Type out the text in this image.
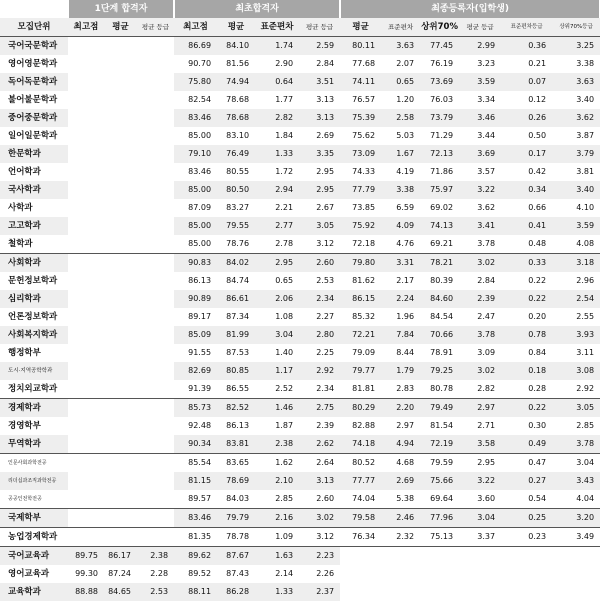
	1단계 합격자			최초합격자				최종등록자(입학생)					
모집단위	최고점	평균	평균 등급	최고점	평균	표준편차	평균 등급	평균	표준편차	상위70%	평균 등급	표준편차등급	상위70%등급
국어국문학과				86.69	84.10	1.74	2.59	80.11	3.63	77.45	2.99	0.36	3.25
영어영문학과				90.70	81.56	2.90	2.84	77.68	2.07	76.19	3.23	0.21	3.38
독어독문학과				75.80	74.94	0.64	3.51	74.11	0.65	73.69	3.59	0.07	3.63
불어불문학과				82.54	78.68	1.77	3.13	76.57	1.20	76.03	3.34	0.12	3.40
중어중문학과				83.46	78.68	2.82	3.13	75.39	2.58	73.79	3.46	0.26	3.62
일어일문학과				85.00	83.10	1.84	2.69	75.62	5.03	71.29	3.44	0.50	3.87
한문학과				79.10	76.49	1.33	3.35	73.09	1.67	72.13	3.69	0.17	3.79
언어학과				83.46	80.55	1.72	2.95	74.33	4.19	71.86	3.57	0.42	3.81
국사학과				85.00	80.50	2.94	2.95	77.79	3.38	75.97	3.22	0.34	3.40
사학과				87.09	83.27	2.21	2.67	73.85	6.59	69.02	3.62	0.66	4.10
고고학과				85.00	79.55	2.77	3.05	75.92	4.09	74.13	3.41	0.41	3.59
철학과				85.00	78.76	2.78	3.12	72.18	4.76	69.21	3.78	0.48	4.08
사회학과				90.83	84.02	2.95	2.60	79.80	3.31	78.21	3.02	0.33	3.18
문헌정보학과				86.13	84.74	0.65	2.53	81.62	2.17	80.39	2.84	0.22	2.96
심리학과				90.89	86.61	2.06	2.34	86.15	2.24	84.60	2.39	0.22	2.54
언론정보학과				89.17	87.34	1.08	2.27	85.32	1.96	84.54	2.47	0.20	2.55
사회복지학과				85.09	81.99	3.04	2.80	72.21	7.84	70.66	3.78	0.78	3.93
행정학부				91.55	87.53	1.40	2.25	79.09	8.44	78.91	3.09	0.84	3.11
도시·지역공학학과				82.69	80.85	1.17	2.92	79.77	1.79	79.25	3.02	0.18	3.08
정치외교학과				91.39	86.55	2.52	2.34	81.81	2.83	80.78	2.82	0.28	2.92
경제학과				85.73	82.52	1.46	2.75	80.29	2.20	79.49	2.97	0.22	3.05
경영학부				92.48	86.13	1.87	2.39	82.88	2.97	81.54	2.71	0.30	2.85
무역학과				90.34	83.81	2.38	2.62	74.18	4.94	72.19	3.58	0.49	3.78
인문사회과학전공				85.54	83.65	1.62	2.64	80.52	4.68	79.59	2.95	0.47	3.04
리더십과조직과학전공				81.15	78.69	2.10	3.13	77.77	2.69	75.66	3.22	0.27	3.43
공공인전학전공				89.57	84.03	2.85	2.60	74.04	5.38	69.64	3.60	0.54	4.04
국제학부				83.46	79.79	2.16	3.02	79.58	2.46	77.96	3.04	0.25	3.20
농업경제학과				81.35	78.78	1.09	3.12	76.34	2.32	75.13	3.37	0.23	3.49
국어교육과	89.75	86.17	2.38	89.62	87.67	1.63	2.23						
영어교육과	99.30	87.24	2.28	89.52	87.43	2.14	2.26						
교육학과	88.88	84.65	2.53	88.11	86.28	1.33	2.37						
